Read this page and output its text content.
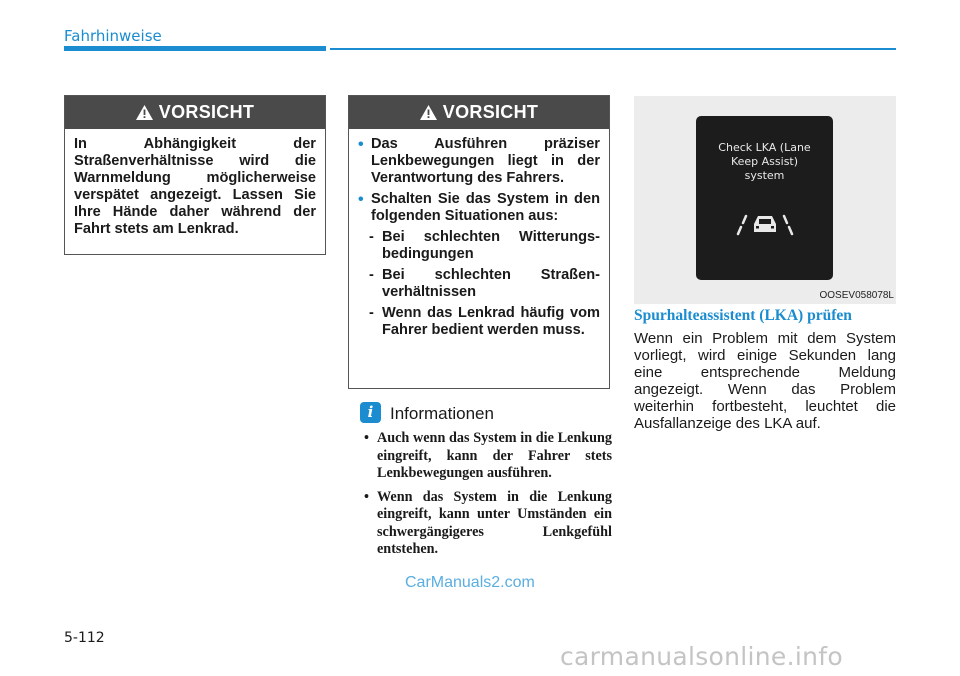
Fahrhinweise
VORSICHT
In Abhängigkeit der Straßenverhältnisse wird die Warnmeldung möglicherweise verspätet angezeigt. Lassen Sie Ihre Hände daher während der Fahrt stets am Lenkrad.
VORSICHT
• Das Ausführen präziser Lenkbewegungen liegt in der Verantwortung des Fahrers.
• Schalten Sie das System in den folgenden Situationen aus:
- Bei schlechten Witterungs-bedingungen
- Bei schlechten Straßen-verhältnissen
- Wenn das Lenkrad häufig vom Fahrer bedient werden muss.
i Informationen
• Auch wenn das System in die Lenkung eingreift, kann der Fahrer stets Lenkbewegungen ausführen.
• Wenn das System in die Lenkung eingreift, kann unter Umständen ein schwergängigeres Lenkgefühl entstehen.
Check LKA (Lane
Keep Assist)
system
OOSEV058078L
Spurhalteassistent (LKA) prüfen
Wenn ein Problem mit dem System vorliegt, wird einige Sekunden lang eine entsprechende Meldung angezeigt. Wenn das Problem weiterhin fortbesteht, leuchtet die Ausfallanzeige des LKA auf.
CarManuals2.com
5-112
carmanualsonline.info
